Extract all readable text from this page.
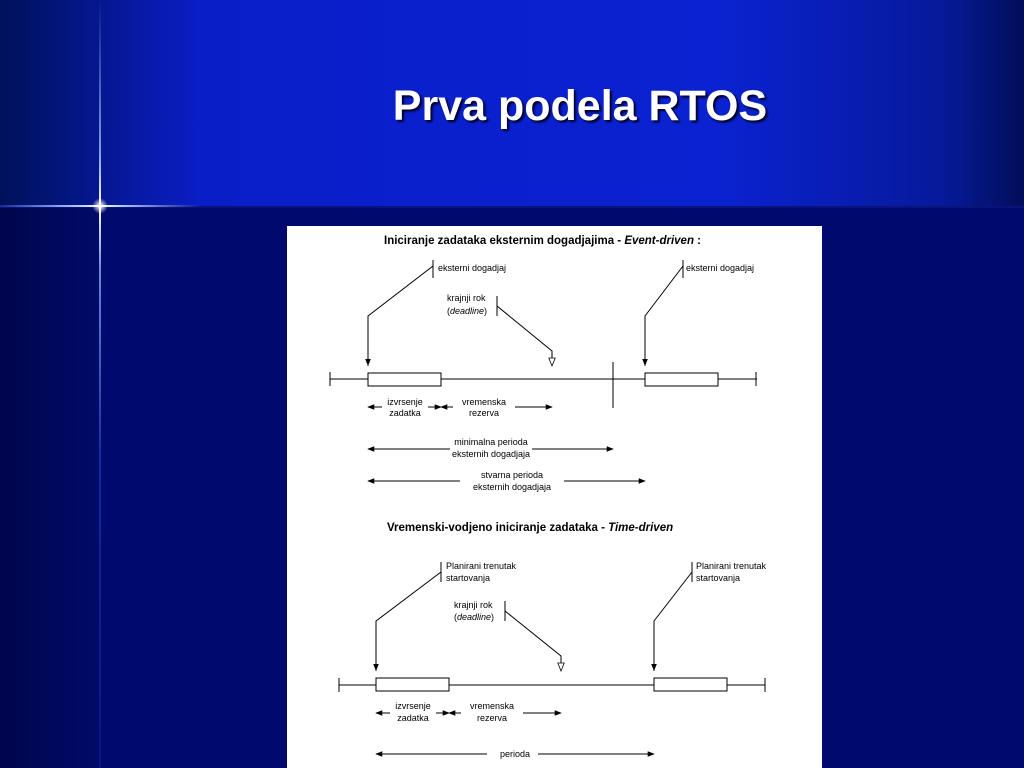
Prva podela RTOS
Iniciranje zadataka eksternim dogadjajima - Event-driven :
eksterni dogadjaj	eksterni dogadjaj
krajnji rok
(deadline)
izvrsenje
zadatka
vremenska
rezerva
minimalna perioda
eksternih dogadjaja
stvarna perioda
eksternih dogadjaja
Vremenski-vodjeno iniciranje zadataka - Time-driven
Planirani trenutak
startovanja
Planirani trenutak
startovanja
krajnji rok
(deadline)
izvrsenje
zadatka
vremenska
rezerva
perioda
